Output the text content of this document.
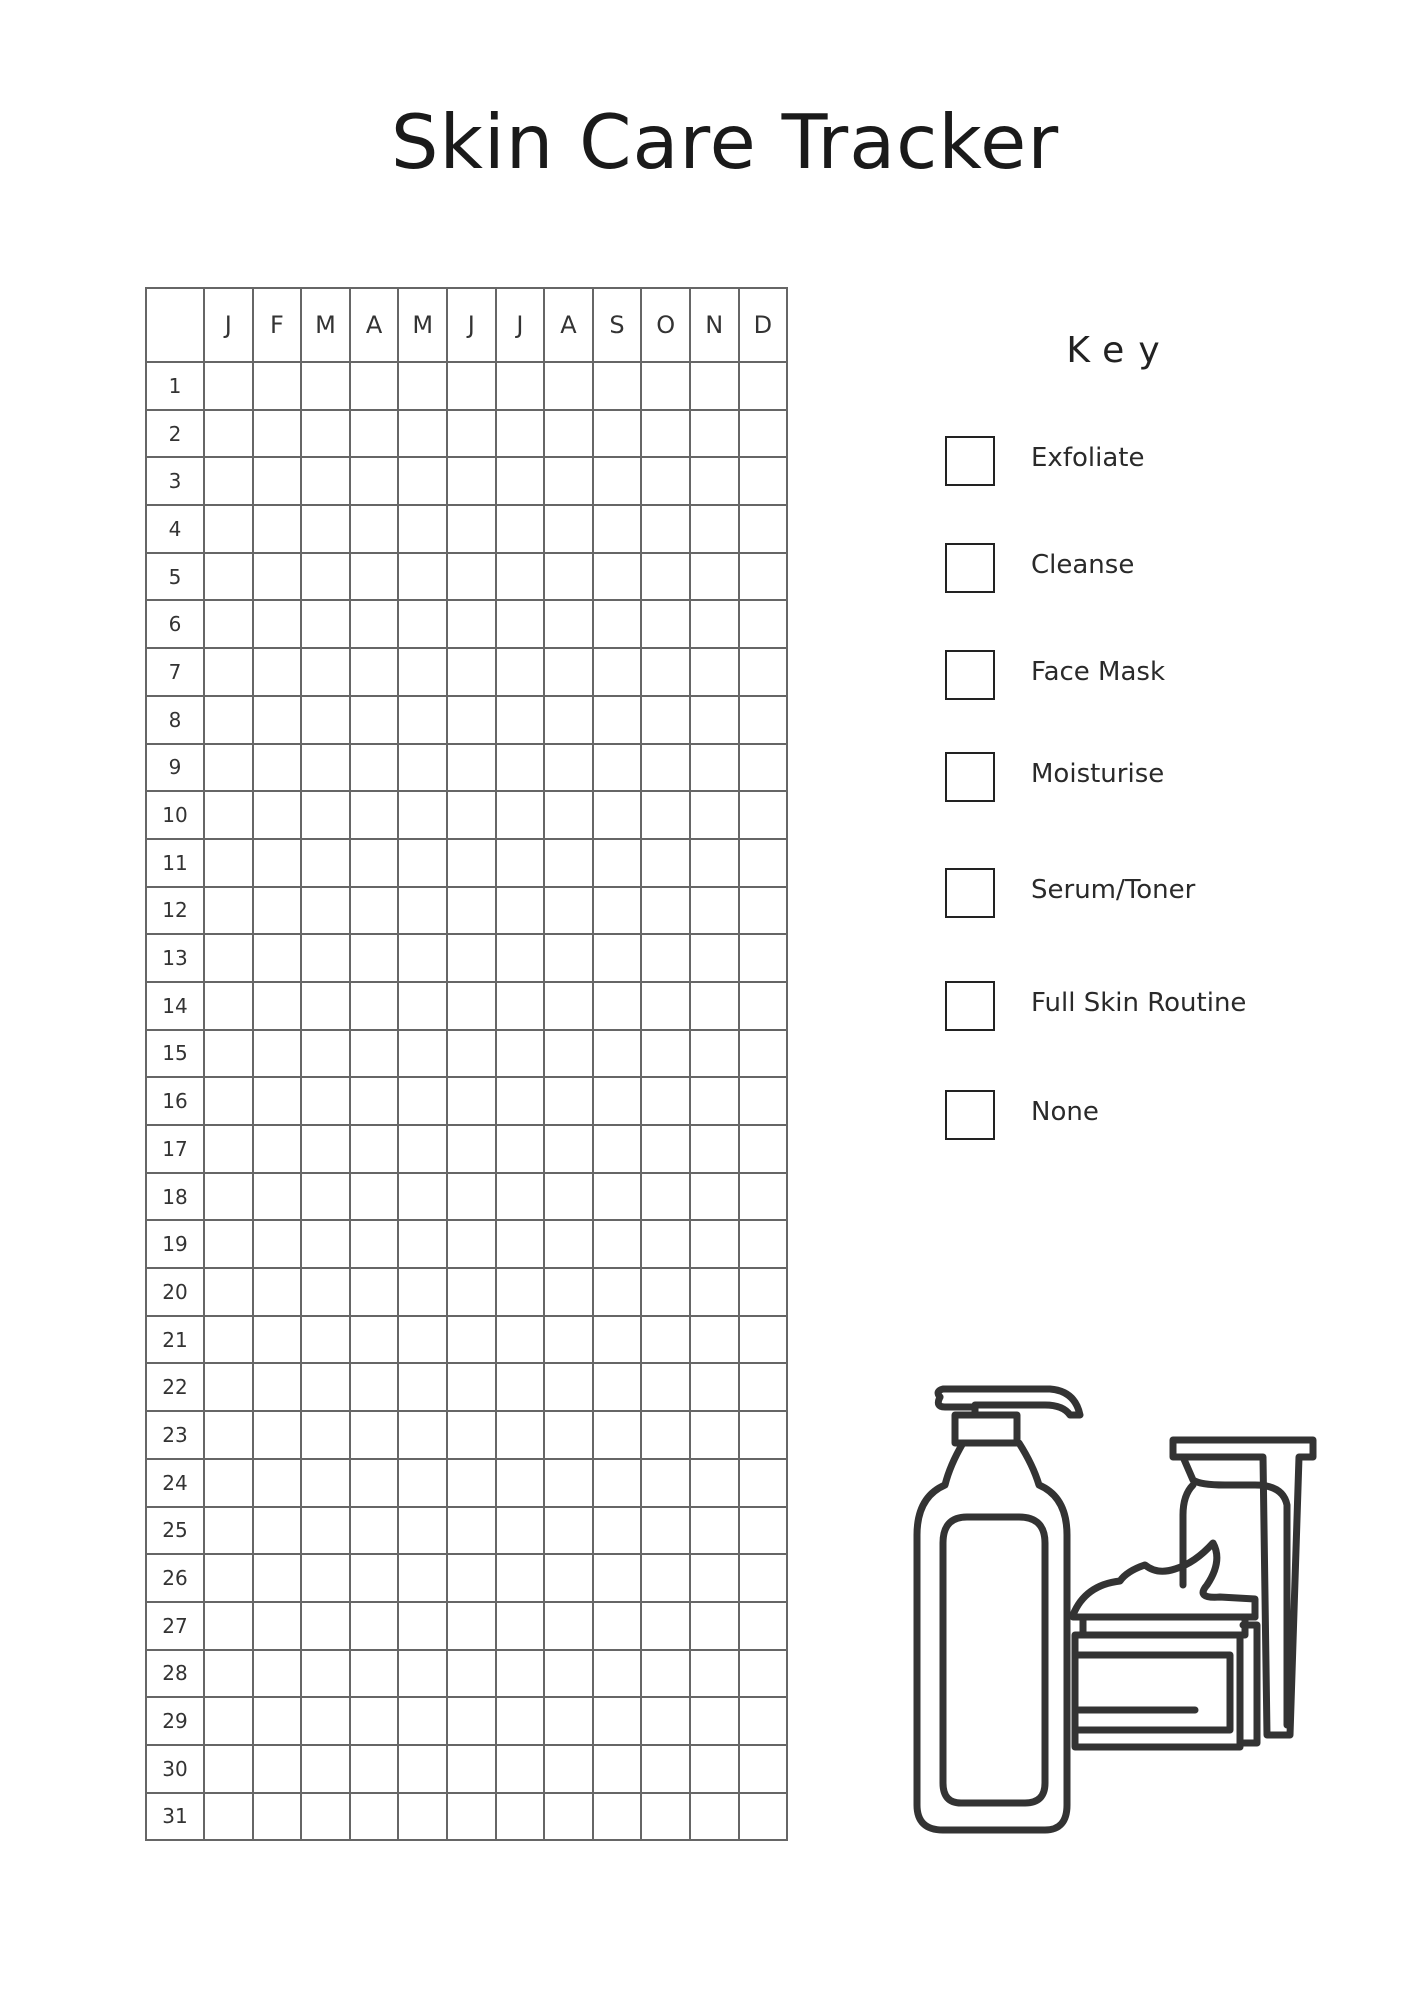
Skin Care Tracker
	J	F	M	A	M	J	J	A	S	O	N	D
1												
2												
3												
4												
5												
6												
7												
8												
9												
10												
11												
12												
13												
14												
15												
16												
17												
18												
19												
20												
21												
22												
23												
24												
25												
26												
27												
28												
29												
30												
31												
Key
Exfoliate
Cleanse
Face Mask
Moisturise
Serum/Toner
Full Skin Routine
None
